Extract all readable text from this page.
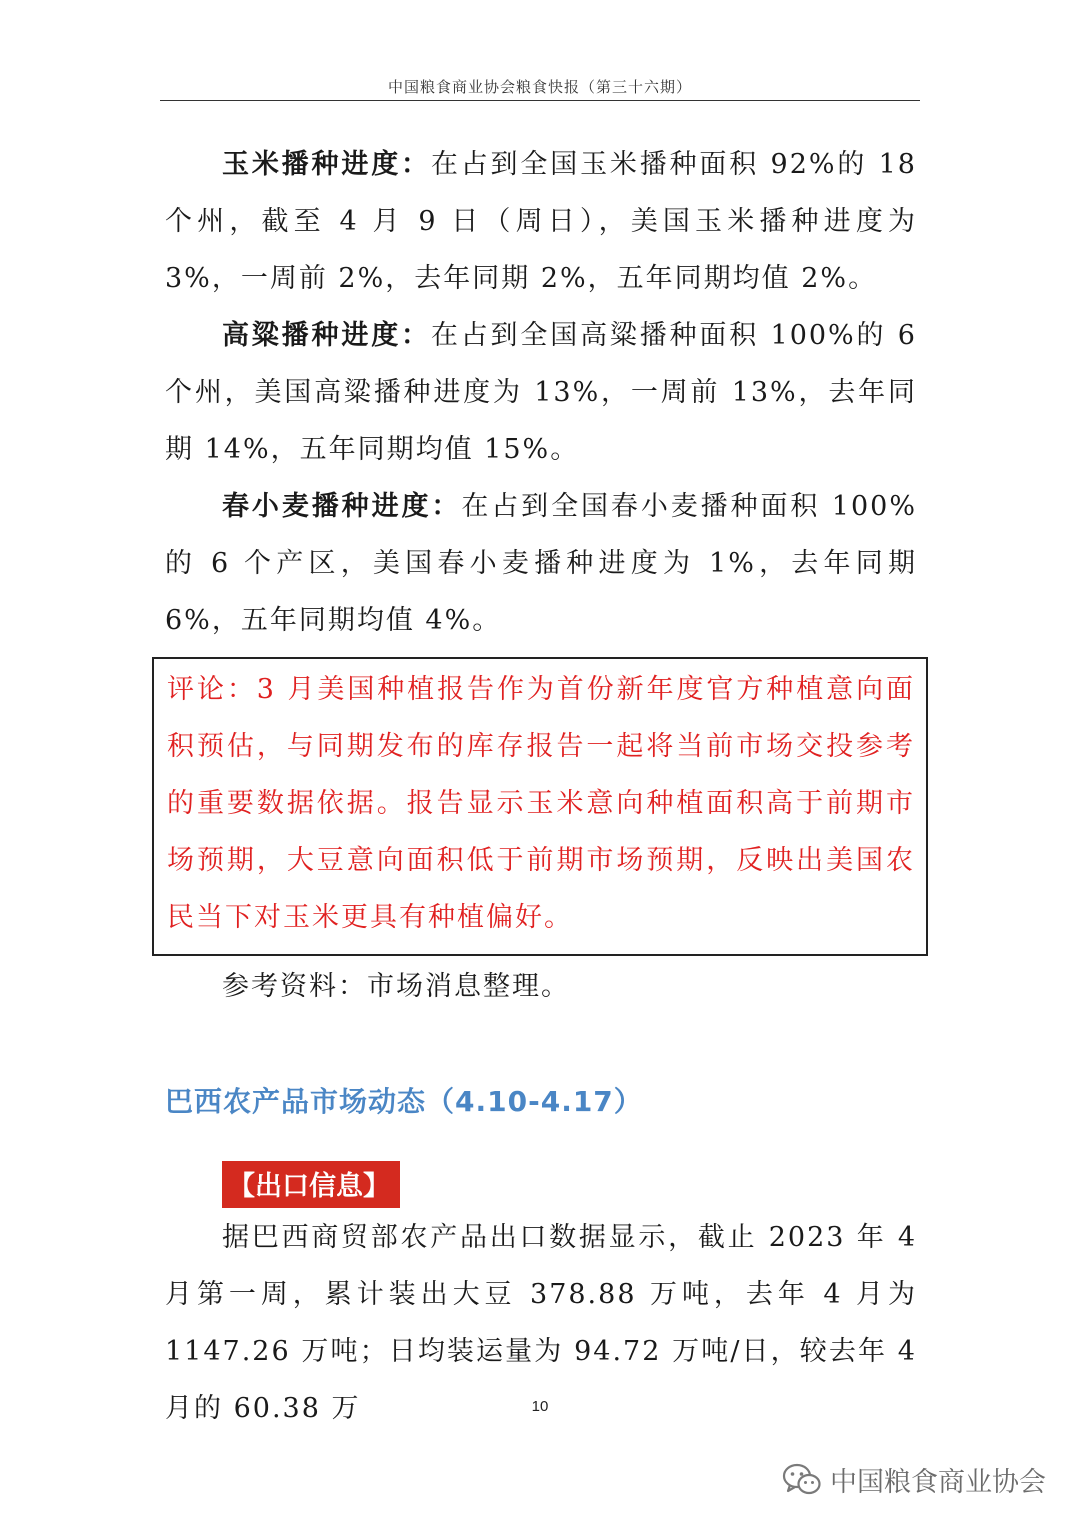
中国粮食商业协会粮食快报（第三十六期）

玉米播种进度：在占到全国玉米播种面积 92%的 18 个州，截至 4 月 9 日（周日），美国玉米播种进度为 3%，一周前 2%，去年同期 2%，五年同期均值 2%。

高粱播种进度：在占到全国高粱播种面积 100%的 6 个州，美国高粱播种进度为 13%，一周前 13%，去年同期 14%，五年同期均值 15%。

春小麦播种进度：在占到全国春小麦播种面积 100%的 6 个产区，美国春小麦播种进度为 1%，去年同期 6%，五年同期均值 4%。

评论：3 月美国种植报告作为首份新年度官方种植意向面积预估，与同期发布的库存报告一起将当前市场交投参考的重要数据依据。报告显示玉米意向种植面积高于前期市场预期，大豆意向面积低于前期市场预期，反映出美国农民当下对玉米更具有种植偏好。

参考资料：市场消息整理。

巴西农产品市场动态（4.10-4.17）
【出口信息】

据巴西商贸部农产品出口数据显示，截止 2023 年 4 月第一周，累计装出大豆 378.88 万吨，去年 4 月为 1147.26 万吨；日均装运量为 94.72 万吨/日，较去年 4 月的 60.38 万	10
中国粮食商业协会
